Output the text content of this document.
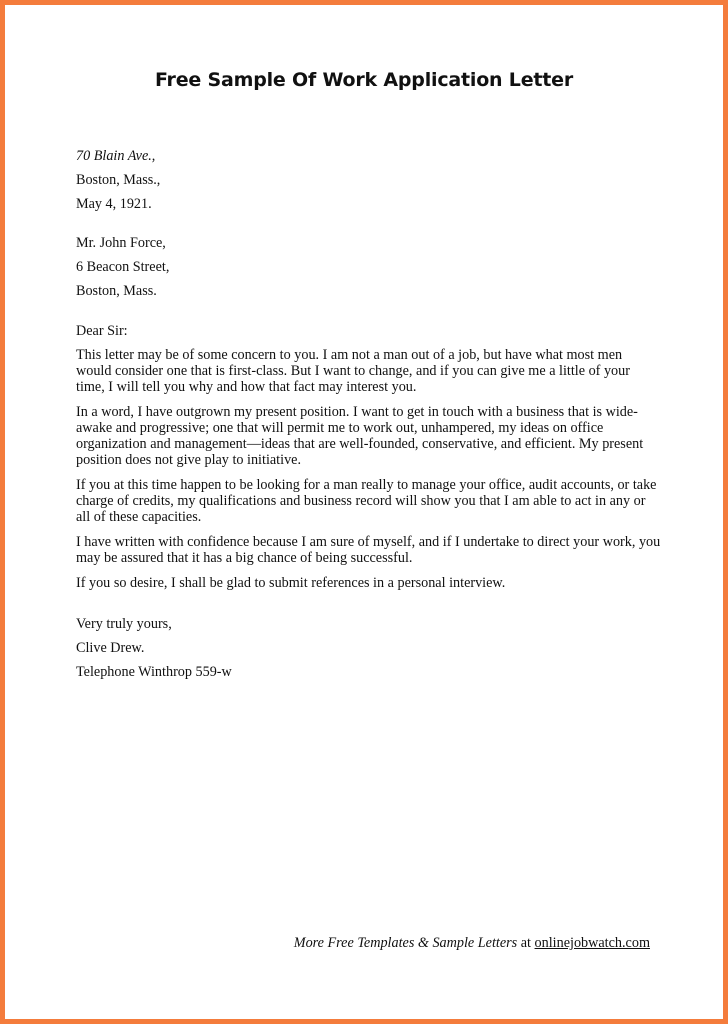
Free Sample Of Work Application Letter
70 Blain Ave.,
Boston, Mass.,
May 4, 1921.
Mr. John Force,
6 Beacon Street,
Boston, Mass.
Dear Sir:

This letter may be of some concern to you. I am not a man out of a job, but have what most men would consider one that is first-class. But I want to change, and if you can give me a little of your time, I will tell you why and how that fact may interest you.

In a word, I have outgrown my present position. I want to get in touch with a business that is wide-awake and progressive; one that will permit me to work out, unhampered, my ideas on office organization and management—ideas that are well-founded, conservative, and efficient. My present position does not give play to initiative.

If you at this time happen to be looking for a man really to manage your office, audit accounts, or take charge of credits, my qualifications and business record will show you that I am able to act in any or all of these capacities.

I have written with confidence because I am sure of myself, and if I undertake to direct your work, you may be assured that it has a big chance of being successful.

If you so desire, I shall be glad to submit references in a personal interview.

Very truly yours,
Clive Drew.
Telephone Winthrop 559-w
More Free Templates & Sample Letters at onlinejobwatch.com
